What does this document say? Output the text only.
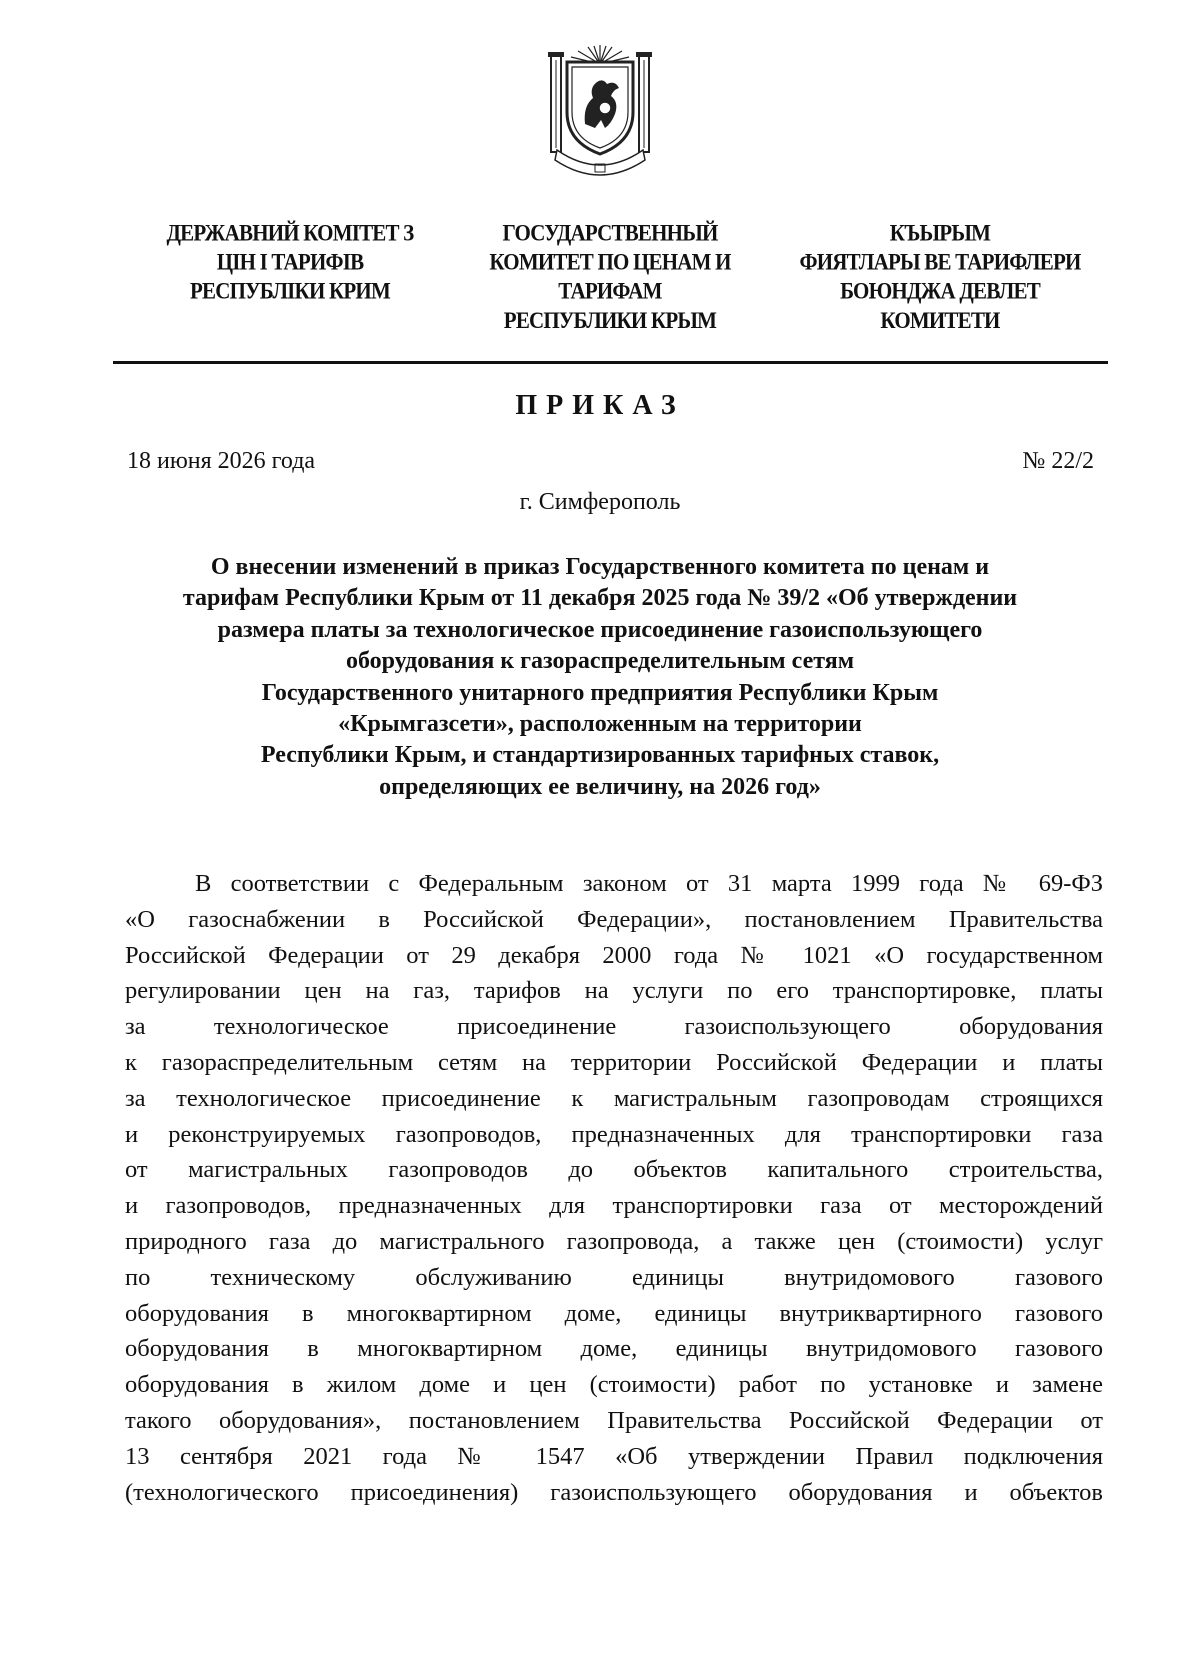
ДЕРЖАВНИЙ КОМІТЕТ З
ЦІН І ТАРИФІВ
РЕСПУБЛІКИ КРИМ
ГОСУДАРСТВЕННЫЙ
КОМИТЕТ ПО ЦЕНАМ И
ТАРИФАМ
РЕСПУБЛИКИ КРЫМ
КЪЫРЫМ
ФИЯТЛАРЫ ВЕ ТАРИФЛЕРИ
БОЮНДЖА ДЕВЛЕТ
КОМИТЕТИ
ПРИКАЗ
18 июня 2026 года	№ 22/2
г. Симферополь
О внесении изменений в приказ Государственного комитета по ценам и
тарифам Республики Крым от 11 декабря 2025 года № 39/2 «Об утверждении
размера платы за технологическое присоединение газоиспользующего
оборудования к газораспределительным сетям
Государственного унитарного предприятия Республики Крым
«Крымгазсети», расположенным на территории
Республики Крым, и стандартизированных тарифных ставок,
определяющих ее величину, на 2026 год»
В соответствии с Федеральным законом от 31 марта 1999 года № 69-ФЗ
«О газоснабжении в Российской Федерации», постановлением Правительства
Российской Федерации от 29 декабря 2000 года № 1021 «О государственном
регулировании цен на газ, тарифов на услуги по его транспортировке, платы
за технологическое присоединение газоиспользующего оборудования
к газораспределительным сетям на территории Российской Федерации и платы
за технологическое присоединение к магистральным газопроводам строящихся
и реконструируемых газопроводов, предназначенных для транспортировки газа
от магистральных газопроводов до объектов капитального строительства,
и газопроводов, предназначенных для транспортировки газа от месторождений
природного газа до магистрального газопровода, а также цен (стоимости) услуг
по техническому обслуживанию единицы внутридомового газового
оборудования в многоквартирном доме, единицы внутриквартирного газового
оборудования в многоквартирном доме, единицы внутридомового газового
оборудования в жилом доме и цен (стоимости) работ по установке и замене
такого оборудования», постановлением Правительства Российской Федерации от
13 сентября 2021 года № 1547 «Об утверждении Правил подключения
(технологического присоединения) газоиспользующего оборудования и объектов
